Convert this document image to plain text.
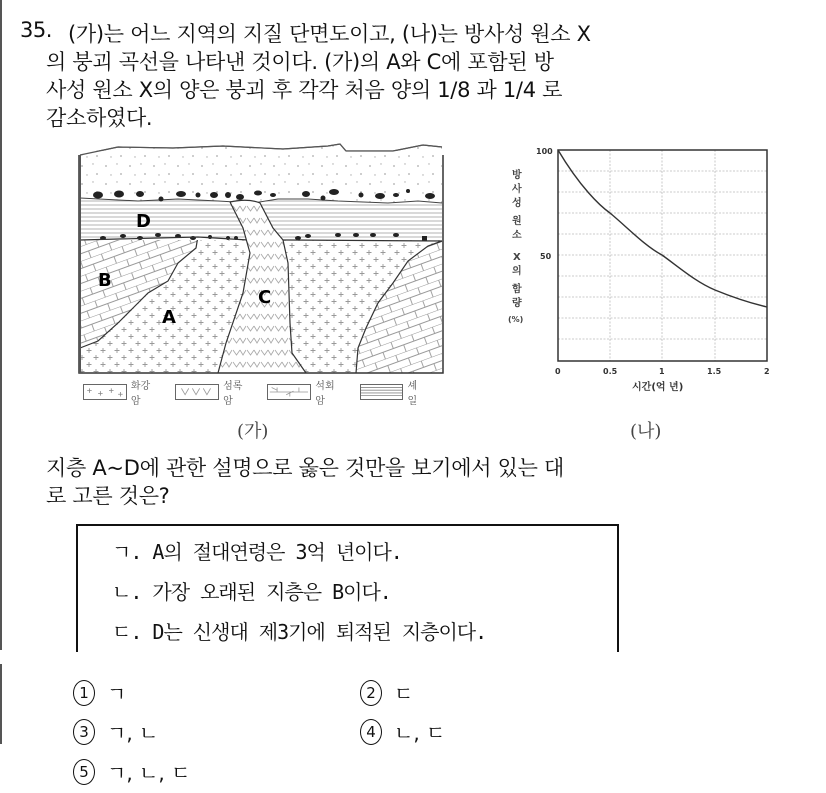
35. (가)는 어느 지역의 지질 단면도이고, (나)는 방사성 원소 X
의 붕괴 곡선을 나타낸 것이다. (가)의 A와 C에 포함된 방
사성 원소 X의 양은 붕괴 후 각각 처음 양의 1/8 과 1/4 로
감소하였다.
D
B
A
C
화강암
섬록암
석회암
셰일
100
50
0	0.5	1	1.5	2
시간(억 년)
방
사
성
원
소
X
의
함
량
(%)
(가)	(나)
지층 A~D에 관한 설명으로 옳은 것만을 보기에서 있는 대
로 고른 것은?
ㄱ. A의 절대연령은 3억 년이다.
ㄴ. 가장 오래된 지층은 B이다.
ㄷ. D는 신생대 제3기에 퇴적된 지층이다.
1 ㄱ	2 ㄷ
3 ㄱ, ㄴ	4 ㄴ, ㄷ
5 ㄱ, ㄴ, ㄷ
